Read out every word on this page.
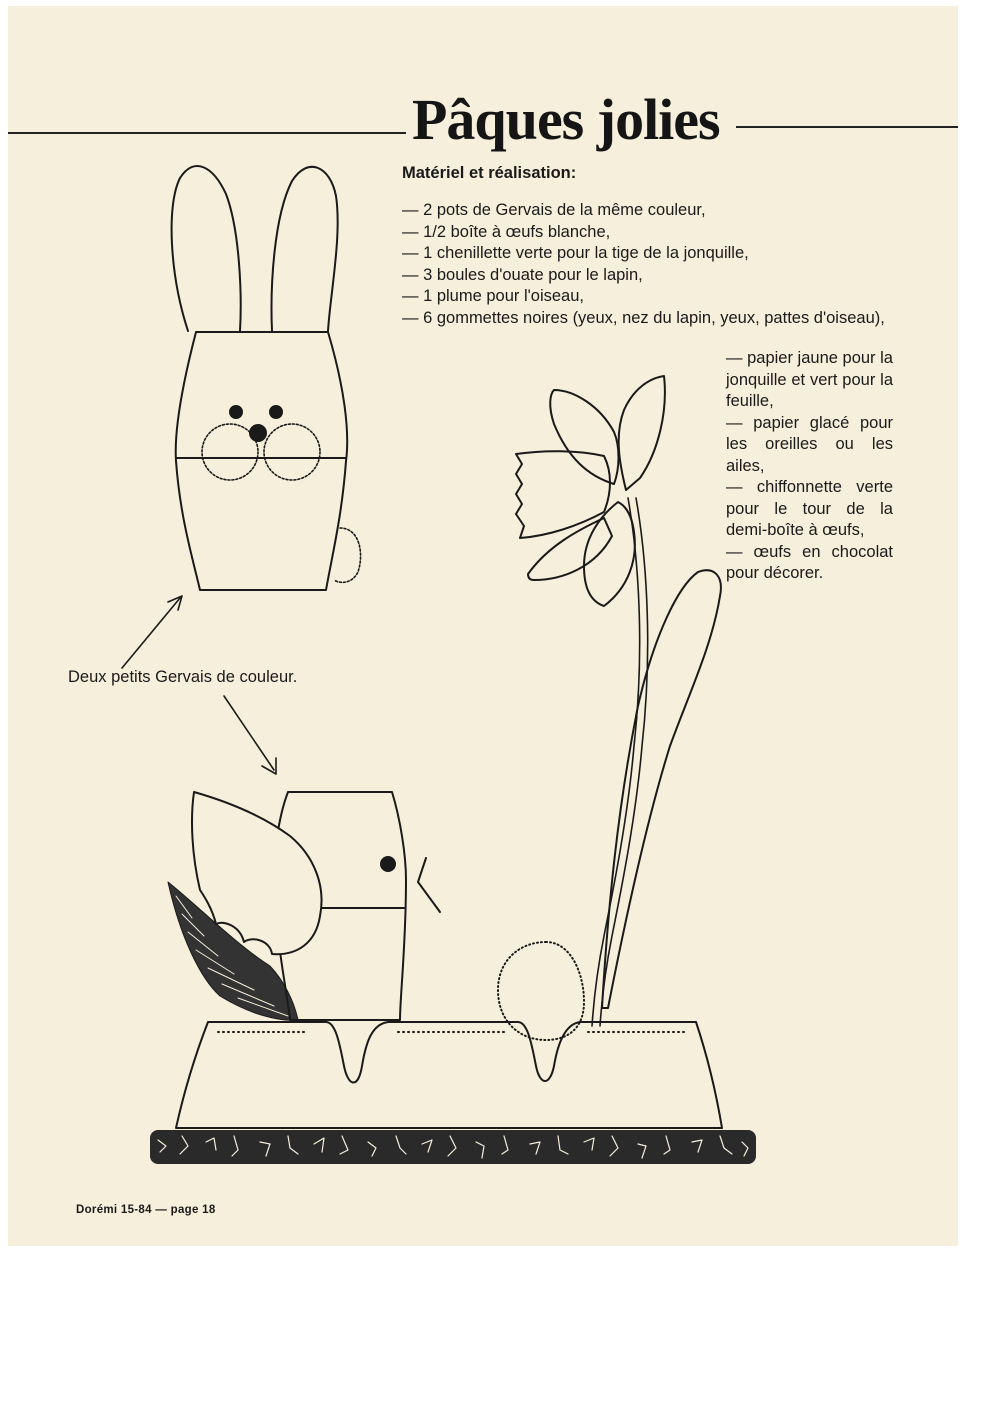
Pâques jolies
Matériel et réalisation:
— 2 pots de Gervais de la même couleur,
— 1/2 boîte à œufs blanche,
— 1 chenillette verte pour la tige de la jonquille,
— 3 boules d'ouate pour le lapin,
— 1 plume pour l'oiseau,
— 6 gommettes noires (yeux, nez du lapin, yeux, pattes d'oiseau),
— papier jaune pour la jonquille et vert pour la feuille,
— papier glacé pour les oreilles ou les ailes,
— chiffonnette verte pour le tour de la demi-boîte à œufs,
— œufs en chocolat pour décorer.
Deux petits Gervais de couleur.
Dorémi 15-84 — page 18
